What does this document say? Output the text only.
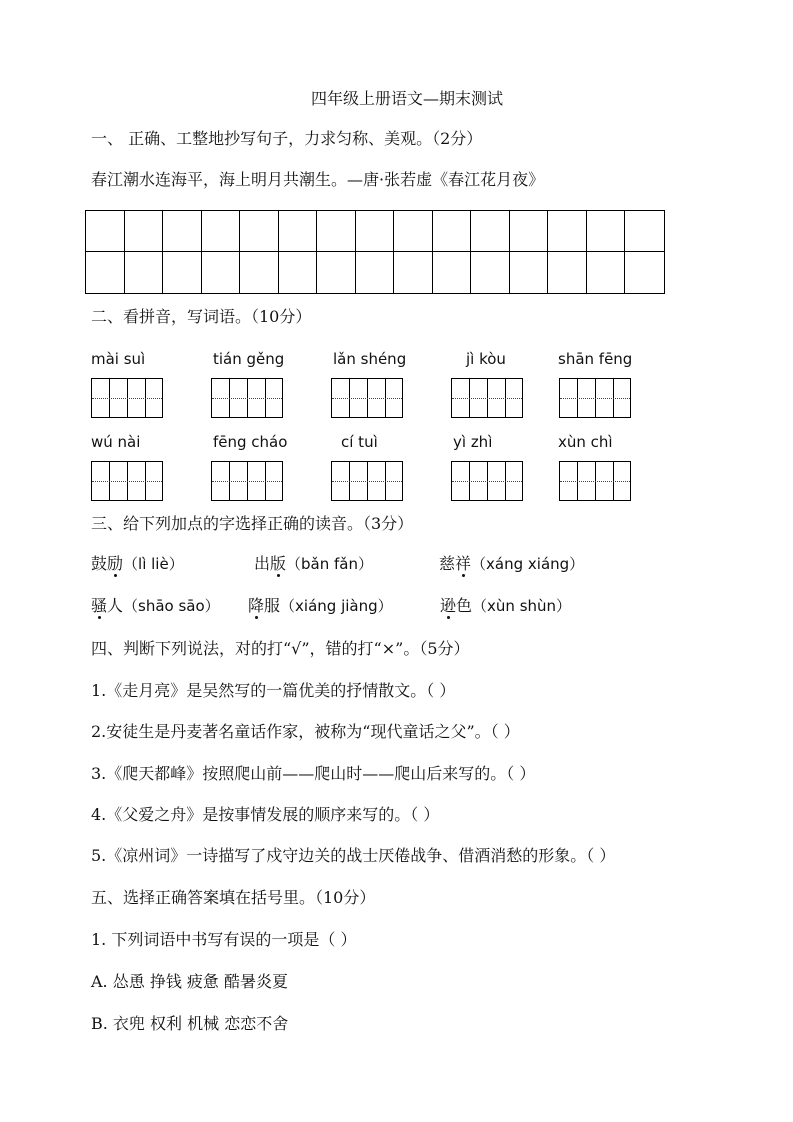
四年级上册语文—期末测试
一、 正确、工整地抄写句子，力求匀称、美观。（2分）
春江潮水连海平，海上明月共潮生。—唐·张若虚《春江花月夜》
二、看拼音，写词语。（10分）
mài suì	tián gěng	lǎn shéng	jì kòu	shān fēng
wú nài	fēng cháo	cí tuì	yì zhì	xùn chì
三、给下列加点的字选择正确的读音。（3分）
鼓励（lì liè）	出版（bǎn fǎn）	慈祥（xáng xiáng）
骚人（shāo sāo） 降服（xiáng jiàng）	逊色（xùn shùn）
四、判断下列说法，对的打“√”，错的打“×”。（5分）
1.《走月亮》是吴然写的一篇优美的抒情散文。（ ）
2.安徒生是丹麦著名童话作家，被称为“现代童话之父”。（ ）
3.《爬天都峰》按照爬山前——爬山时——爬山后来写的。（ ）
4.《父爱之舟》是按事情发展的顺序来写的。（ ）
5.《凉州词》一诗描写了戍守边关的战士厌倦战争、借酒消愁的形象。（ ）
五、选择正确答案填在括号里。（10分）
1. 下列词语中书写有误的一项是（ ）
A. 怂恿 挣钱 疲惫 酷暑炎夏
B. 衣兜 权利 机械 恋恋不舍
